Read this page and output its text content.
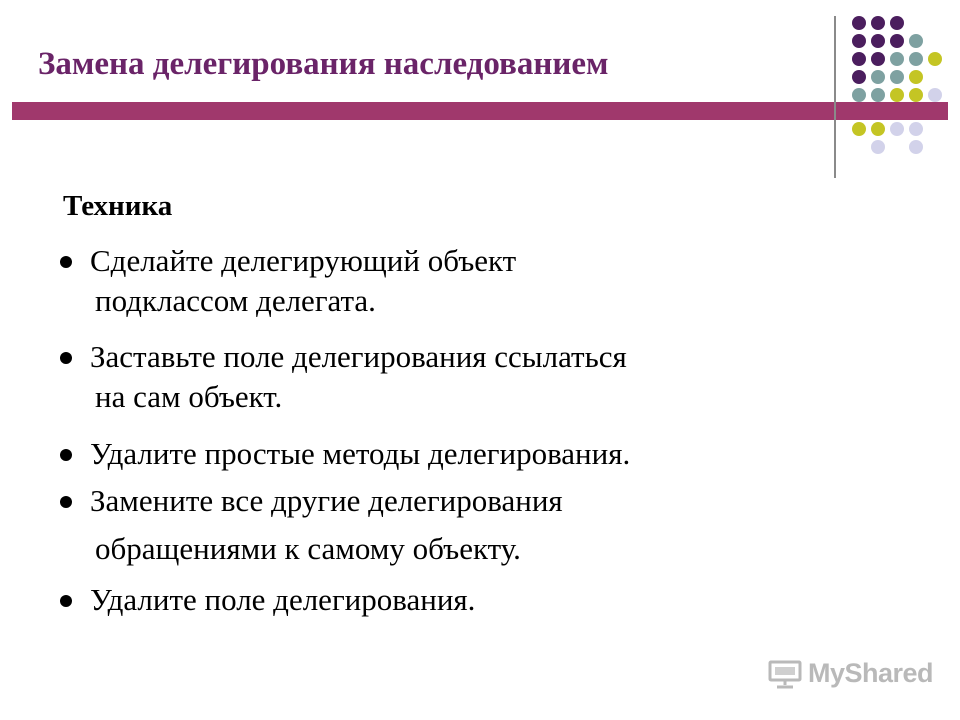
Замена делегирования наследованием
Техника
Сделайте делегирующий объект
подклассом делегата.
Заставьте поле делегирования ссылаться
на сам объект.
Удалите простые методы делегирования.
Замените все другие делегирования
обращениями к самому объекту.
Удалите поле делегирования.
MyShared
